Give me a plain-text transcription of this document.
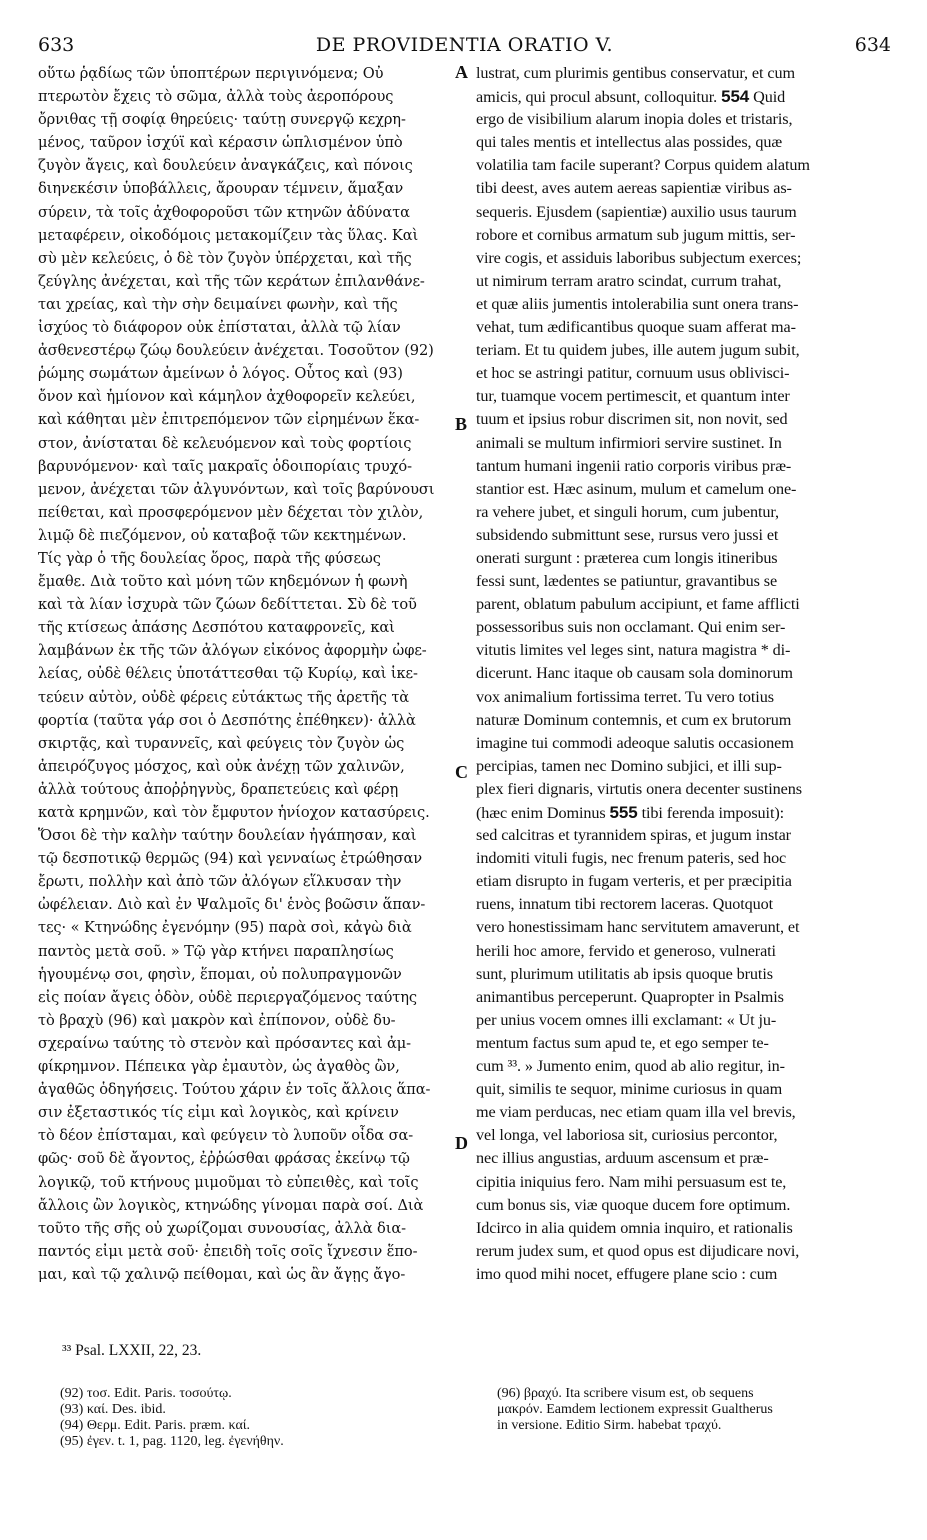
633	DE PROVIDENTIA ORATIO V.	634
οὕτω ῥᾳδίως τῶν ὑποπτέρων περιγινόμενα; Οὐ
πτερωτὸν ἔχεις τὸ σῶμα, ἀλλὰ τοὺς ἀεροπόρους
ὄρνιθας τῇ σοφίᾳ θηρεύεις· ταύτῃ συνεργῷ κεχρη-
μένος, ταῦρον ἰσχύϊ καὶ κέρασιν ὡπλισμένον ὑπὸ
ζυγὸν ἄγεις, καὶ δουλεύειν ἀναγκάζεις, καὶ πόνοις
διηνεκέσιν ὑποβάλλεις, ἄρουραν τέμνειν, ἅμαξαν
σύρειν, τὰ τοῖς ἀχθοφοροῦσι τῶν κτηνῶν ἀδύνατα
μεταφέρειν, οἰκοδόμοις μετακομίζειν τὰς ὕλας. Καὶ
σὺ μὲν κελεύεις, ὁ δὲ τὸν ζυγὸν ὑπέρχεται, καὶ τῆς
ζεύγλης ἀνέχεται, καὶ τῆς τῶν κεράτων ἐπιλανθάνε-
ται χρείας, καὶ τὴν σὴν δειμαίνει φωνὴν, καὶ τῆς
ἰσχύος τὸ διάφορον οὐκ ἐπίσταται, ἀλλὰ τῷ λίαν
ἀσθενεστέρῳ ζώῳ δουλεύειν ἀνέχεται. Τοσοῦτον (92)
ῥώμης σωμάτων ἀμείνων ὁ λόγος. Οὗτος καὶ (93)
ὄνον καὶ ἡμίονον καὶ κάμηλον ἀχθοφορεῖν κελεύει,
καὶ κάθηται μὲν ἐπιτρεπόμενον τῶν εἰρημένων ἕκα-
στον, ἀνίσταται δὲ κελευόμενον καὶ τοὺς φορτίοις
βαρυνόμενον· καὶ ταῖς μακραῖς ὁδοιπορίαις τρυχό-
μενον, ἀνέχεται τῶν ἀλγυνόντων, καὶ τοῖς βαρύνουσι
πείθεται, καὶ προσφερόμενον μὲν δέχεται τὸν χιλὸν,
λιμῷ δὲ πιεζόμενον, οὐ καταβοᾷ τῶν κεκτημένων.
Τίς γὰρ ὁ τῆς δουλείας ὅρος, παρὰ τῆς φύσεως
ἔμαθε. Διὰ τοῦτο καὶ μόνη τῶν κηδεμόνων ἡ φωνὴ
καὶ τὰ λίαν ἰσχυρὰ τῶν ζώων δεδίττεται. Σὺ δὲ τοῦ
τῆς κτίσεως ἁπάσης Δεσπότου καταφρονεῖς, καὶ
λαμβάνων ἐκ τῆς τῶν ἀλόγων εἰκόνος ἀφορμὴν ὠφε-
λείας, οὐδὲ θέλεις ὑποτάττεσθαι τῷ Κυρίῳ, καὶ ἱκε-
τεύειν αὐτὸν, οὐδὲ φέρεις εὐτάκτως τῆς ἀρετῆς τὰ
φορτία (ταῦτα γάρ σοι ὁ Δεσπότης ἐπέθηκεν)· ἀλλὰ
σκιρτᾷς, καὶ τυραννεῖς, καὶ φεύγεις τὸν ζυγὸν ὡς
ἀπειρόζυγος μόσχος, καὶ οὐκ ἀνέχῃ τῶν χαλινῶν,
ἀλλὰ τούτους ἀποῤῥηγνὺς, δραπετεύεις καὶ φέρῃ
κατὰ κρημνῶν, καὶ τὸν ἔμφυτον ἡνίοχον κατασύρεις.
Ὅσοι δὲ τὴν καλὴν ταύτην δουλείαν ἠγάπησαν, καὶ
τῷ δεσποτικῷ θερμῶς (94) καὶ γενναίως ἐτρώθησαν
ἔρωτι, πολλὴν καὶ ἀπὸ τῶν ἀλόγων εἵλκυσαν τὴν
ὠφέλειαν. Διὸ καὶ ἐν Ψαλμοῖς δι' ἑνὸς βοῶσιν ἅπαν-
τες· « Κτηνώδης ἐγενόμην (95) παρὰ σοὶ, κἀγὼ διὰ
παντὸς μετὰ σοῦ. » Τῷ γὰρ κτήνει παραπλησίως
ἡγουμένῳ σοι, φησὶν, ἕπομαι, οὐ πολυπραγμονῶν
εἰς ποίαν ἄγεις ὁδὸν, οὐδὲ περιεργαζόμενος ταύτης
τὸ βραχὺ (96) καὶ μακρὸν καὶ ἐπίπονον, οὐδὲ δυ-
σχεραίνω ταύτης τὸ στενὸν καὶ πρόσαντες καὶ ἀμ-
φίκρημνον. Πέπεικα γὰρ ἐμαυτὸν, ὡς ἀγαθὸς ὢν,
ἀγαθῶς ὁδηγήσεις. Τούτου χάριν ἐν τοῖς ἄλλοις ἅπα-
σιν ἐξεταστικός τίς εἰμι καὶ λογικὸς, καὶ κρίνειν
τὸ δέον ἐπίσταμαι, καὶ φεύγειν τὸ λυποῦν οἶδα σα-
φῶς· σοῦ δὲ ἄγοντος, ἐῤῥώσθαι φράσας ἐκείνῳ τῷ
λογικῷ, τοῦ κτήνους μιμοῦμαι τὸ εὐπειθὲς, καὶ τοῖς
ἄλλοις ὢν λογικὸς, κτηνώδης γίνομαι παρὰ σοί. Διὰ
τοῦτο τῆς σῆς οὐ χωρίζομαι συνουσίας, ἀλλὰ δια-
παντός εἰμι μετὰ σοῦ· ἐπειδὴ τοῖς σοῖς ἴχνεσιν ἕπο-
μαι, καὶ τῷ χαλινῷ πείθομαι, καὶ ὡς ἂν ἄγῃς ἄγο-
A
B
C
D
lustrat, cum plurimis gentibus conservatur, et cum
amicis, qui procul absunt, colloquitur. 554 Quid
ergo de visibilium alarum inopia doles et tristaris,
qui tales mentis et intellectus alas possides, quæ
volatilia tam facile superant? Corpus quidem alatum
tibi deest, aves autem aereas sapientiæ viribus as-
sequeris. Ejusdem (sapientiæ) auxilio usus taurum
robore et cornibus armatum sub jugum mittis, ser-
vire cogis, et assiduis laboribus subjectum exerces;
ut nimirum terram aratro scindat, currum trahat,
et quæ aliis jumentis intolerabilia sunt onera trans-
vehat, tum ædificantibus quoque suam afferat ma-
teriam. Et tu quidem jubes, ille autem jugum subit,
et hoc se astringi patitur, cornuum usus oblivisci-
tur, tuamque vocem pertimescit, et quantum inter
tuum et ipsius robur discrimen sit, non novit, sed
animali se multum infirmiori servire sustinet. In
tantum humani ingenii ratio corporis viribus præ-
stantior est. Hæc asinum, mulum et camelum one-
ra vehere jubet, et singuli horum, cum jubentur,
subsidendo submittunt sese, rursus vero jussi et
onerati surgunt : præterea cum longis itineribus
fessi sunt, lædentes se patiuntur, gravantibus se
parent, oblatum pabulum accipiunt, et fame afflicti
possessoribus suis non occlamant. Qui enim ser-
vitutis limites vel leges sint, natura magistra * di-
dicerunt. Hanc itaque ob causam sola dominorum
vox animalium fortissima terret. Tu vero totius
naturæ Dominum contemnis, et cum ex brutorum
imagine tui commodi adeoque salutis occasionem
percipias, tamen nec Domino subjici, et illi sup-
plex fieri dignaris, virtutis onera decenter sustinens
(hæc enim Dominus 555 tibi ferenda imposuit):
sed calcitras et tyrannidem spiras, et jugum instar
indomiti vituli fugis, nec frenum pateris, sed hoc
etiam disrupto in fugam verteris, et per præcipitia
ruens, innatum tibi rectorem laceras. Quotquot
vero honestissimam hanc servitutem amaverunt, et
herili hoc amore, fervido et generoso, vulnerati
sunt, plurimum utilitatis ab ipsis quoque brutis
animantibus perceperunt. Quapropter in Psalmis
per unius vocem omnes illi exclamant: « Ut ju-
mentum factus sum apud te, et ego semper te-
cum ³³. » Jumento enim, quod ab alio regitur, in-
quit, similis te sequor, minime curiosus in quam
me viam perducas, nec etiam quam illa vel brevis,
vel longa, vel laboriosa sit, curiosius percontor,
nec illius angustias, arduum ascensum et præ-
cipitia iniquius fero. Nam mihi persuasum est te,
cum bonus sis, viæ quoque ducem fore optimum.
Idcirco in alia quidem omnia inquiro, et rationalis
rerum judex sum, et quod opus est dijudicare novi,
imo quod mihi nocet, effugere plane scio : cum
³³ Psal. LXXII, 22, 23.
(92) τοσ. Edit. Paris. τοσούτῳ.
(93) καί. Des. ibid.
(94) Θερμ. Edit. Paris. præm. καί.
(95) ἐγεν. t. 1, pag. 1120, leg. ἐγενήθην.
(96) βραχύ. Ita scribere visum est, ob sequens
μακρόν. Eamdem lectionem expressit Gualtherus
in versione. Editio Sirm. habebat τραχύ.
